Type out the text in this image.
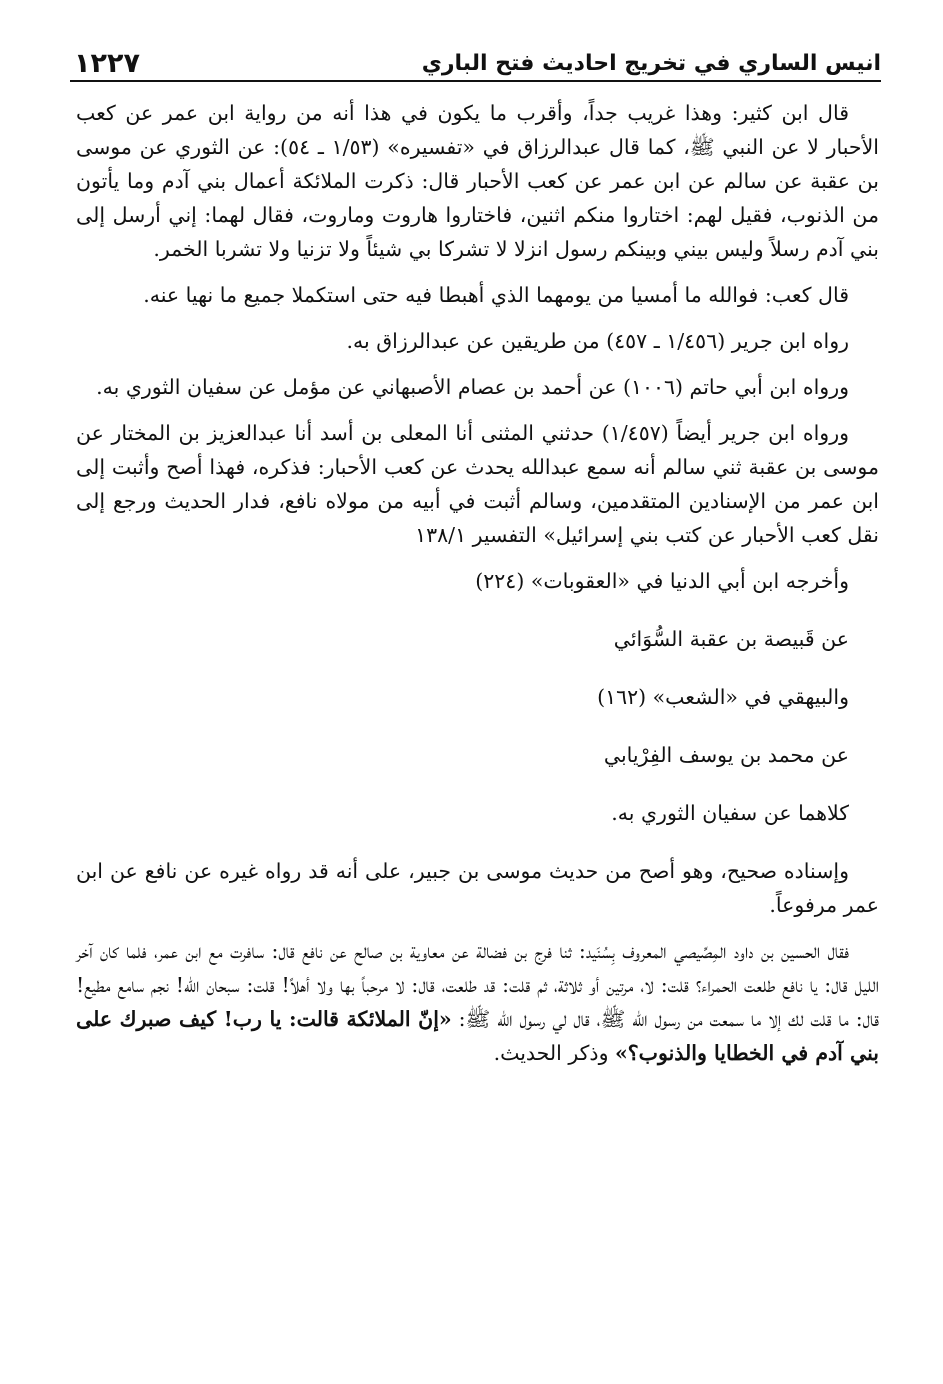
١٢٢٧	انيس الساري في تخريج احاديث فتح الباري

قال ابن كثير: وهذا غريب جداً، وأقرب ما يكون في هذا أنه من رواية ابن عمر عن كعب الأحبار لا عن النبي ﷺ، كما قال عبدالرزاق في «تفسيره» (١/٥٣ ـ ٥٤): عن الثوري عن موسى بن عقبة عن سالم عن ابن عمر عن كعب الأحبار قال: ذكرت الملائكة أعمال بني آدم وما يأتون من الذنوب، فقيل لهم: اختاروا منكم اثنين، فاختاروا هاروت وماروت، فقال لهما: إني أرسل إلى بني آدم رسلاً وليس بيني وبينكم رسول انزلا لا تشركا بي شيئاً ولا تزنيا ولا تشربا الخمر.

قال كعب: فوالله ما أمسيا من يومهما الذي أهبطا فيه حتى استكملا جميع ما نهيا عنه.

رواه ابن جرير (١/٤٥٦ ـ ٤٥٧) من طريقين عن عبدالرزاق به.

ورواه ابن أبي حاتم (١٠٠٦) عن أحمد بن عصام الأصبهاني عن مؤمل عن سفيان الثوري به.

ورواه ابن جرير أيضاً (١/٤٥٧) حدثني المثنى أنا المعلى بن أسد أنا عبدالعزيز بن المختار عن موسى بن عقبة ثني سالم أنه سمع عبدالله يحدث عن كعب الأحبار: فذكره، فهذا أصح وأثبت إلى ابن عمر من الإسنادين المتقدمين، وسالم أثبت في أبيه من مولاه نافع، فدار الحديث ورجع إلى نقل كعب الأحبار عن كتب بني إسرائيل» التفسير ١٣٨/١

وأخرجه ابن أبي الدنيا في «العقوبات» (٢٢٤)

عن قَبيصة بن عقبة السُّوَائي

والبيهقي في «الشعب» (١٦٢)

عن محمد بن يوسف الفِرْيابي

كلاهما عن سفيان الثوري به.

وإسناده صحيح، وهو أصح من حديث موسى بن جبير، على أنه قد رواه غيره عن نافع عن ابن عمر مرفوعاً.

فقال الحسين بن داود المِصِّيصي المعروف بِسُنَيد: ثنا فرج بن فضالة عن معاوية بن صالح عن نافع قال: سافرت مع ابن عمر، فلما كان آخر الليل قال: يا نافع طلعت الحمراء؟ قلت: لا، مرتين أو ثلاثة، ثم قلت: قد طلعت، قال: لا مرحباً بها ولا أهلاً! قلت: سبحان الله! نجم سامع مطيع! قال: ما قلت لك إلا ما سمعت من رسول الله ﷺ، قال لي رسول الله ﷺ: «إنّ الملائكة قالت: يا رب! كيف صبرك على بني آدم في الخطايا والذنوب؟» وذكر الحديث.
